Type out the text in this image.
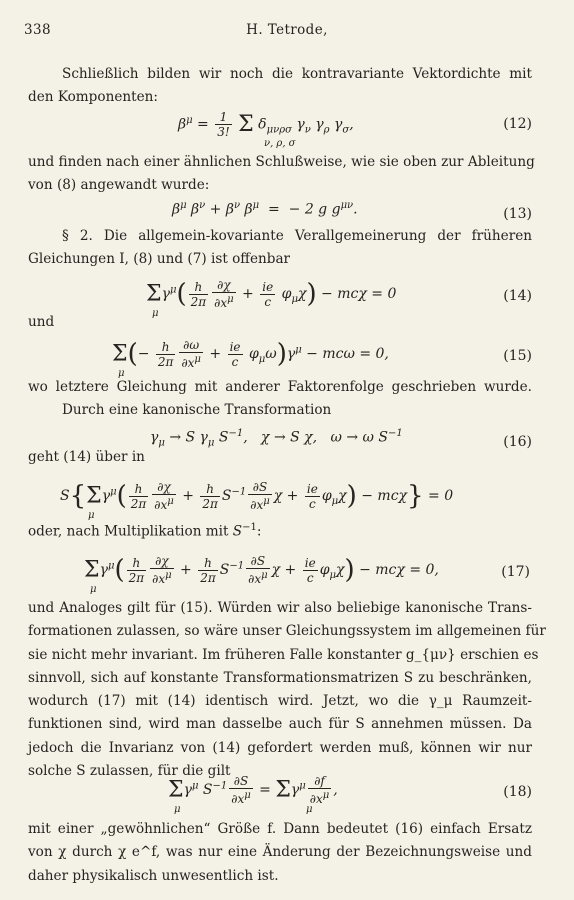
338	H. Tetrode,
Schließlich bilden wir noch die kontravariante Vektordichte mit
den Komponenten:
$\beta^\mu = \frac{1}{3!}$ Σ $\delta_{\mu\nu\rho\sigma}$ $\gamma_\nu$ $\gamma_\rho$ $\gamma_\sigma$,
ν, ρ, σ
(12)
und finden nach einer ähnlichen Schlußweise, wie sie oben zur Ableitung
von (8) angewandt wurde:
$\beta^\mu$ $\beta^\nu + \beta^\nu$ $\beta^\mu$  =  − 2 g $g^{\mu\nu}$.	(13)
§ 2. Die allgemein-kovariante Verallgemeinerung der früheren
Gleichungen I, (8) und (7) ist offenbar
$\Sigma\gamma^\mu( \frac{h}{2\pi} \frac{\partial\chi}{\partial x^\mu} + \frac{ie}{c} \varphi_\mu\chi) - mc\chi = 0$
μ
(14)
und
$\Sigma(- \frac{h}{2\pi} \frac{\partial\omega}{\partial x^\mu} + \frac{ie}{c} \varphi_\mu\omega)\gamma^\mu - mc\omega = 0$,
μ
(15)
wo letztere Gleichung mit anderer Faktorenfolge geschrieben wurde.
Durch eine kanonische Transformation
$\gamma_\mu \to S$ $\gamma_\mu$ $S^{-1}$,   χ → S χ,   ω → ω $S^{-1}$
(16)
geht (14) über in
$S\{\Sigma\gamma^\mu( \frac{h}{2\pi} \frac{\partial\chi}{\partial x^\mu} + \frac{h}{2\pi} S^{-1} \frac{\partial S}{\partial x^\mu}$ $\chi + \frac{ie}{c} \varphi_\mu\chi) - mc\chi\} = 0$
μ
oder, nach Multiplikation mit $S^{-1}$:
$\Sigma\gamma^\mu( \frac{h}{2\pi} \frac{\partial\chi}{\partial x^\mu} + \frac{h}{2\pi} S^{-1} \frac{\partial S}{\partial x^\mu}$ $\chi + \frac{ie}{c} \varphi_\mu\chi) - mc\chi = 0$,
μ
(17)
und Analoges gilt für (15). Würden wir also beliebige kanonische Trans-
formationen zulassen, so wäre unser Gleichungssystem im allgemeinen für
sie nicht mehr invariant. Im früheren Falle konstanter g_{μν} erschien es
sinnvoll, sich auf konstante Transformationsmatrizen S zu beschränken,
wodurch (17) mit (14) identisch wird. Jetzt, wo die γ_μ Raumzeit-
funktionen sind, wird man dasselbe auch für S annehmen müssen. Da
jedoch die Invarianz von (14) gefordert werden muß, können wir nur
solche S zulassen, für die gilt
$\Sigma\gamma^\mu$ $S^{-1} \frac{\partial S}{\partial x^\mu} = \Sigma\gamma^\mu \frac{\partial f}{\partial x^\mu}$ ,
μ	μ
(18)
mit einer „gewöhnlichen“ Größe f. Dann bedeutet (16) einfach Ersatz
von χ durch χ e^f, was nur eine Änderung der Bezeichnungsweise und
daher physikalisch unwesentlich ist.
